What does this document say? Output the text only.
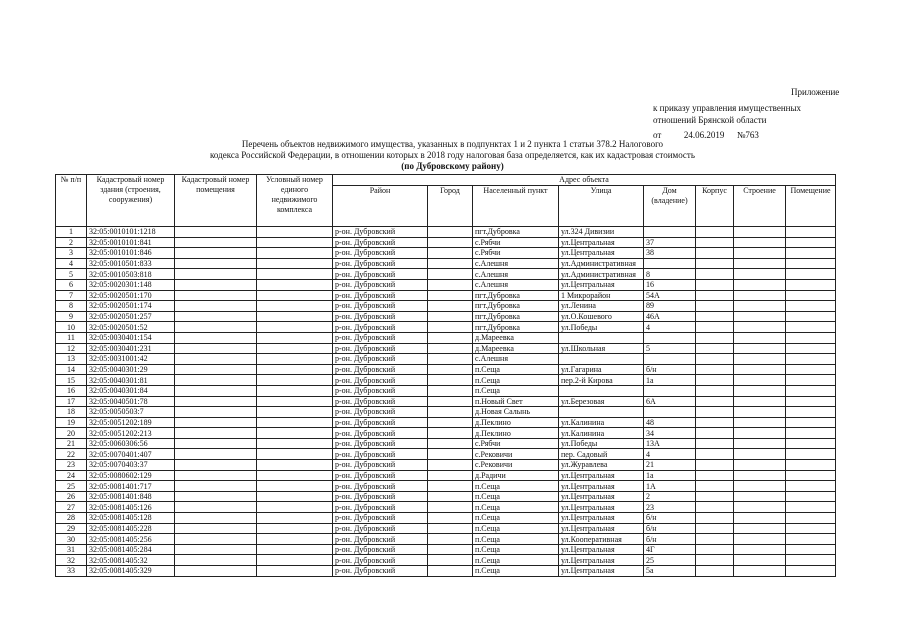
Приложение
к приказу управления имущественных
отношений Брянской области
от	24.06.2019 №763
Перечень объектов недвижимого имущества, указанных в подпунктах 1 и 2 пункта 1 статьи 378.2 Налогового
кодекса Российской Федерации, в отношении которых в 2018 году налоговая база определяется, как их кадастровая стоимость
(по Дубровскому району)
№ п/п	Кадастровый номер здания (строения, сооружения)	Кадастровый номер помещения	Условный номер единого недвижимого комплекса	Адрес объекта							
				Район	Город	Населенный пункт	Улица	Дом (владение)	Корпус	Строение	Помещение
1	32:05:0010101:1218			р-он. Дубровский		пгт.Дубровка	ул.324 Дивизии				
2	32:05:0010101:841			р-он. Дубровский		с.Рябчи	ул.Центральная	37			
3	32:05:0010101:846			р-он. Дубровский		с.Рябчи	ул.Центральная	38			
4	32:05:0010501:833			р-он. Дубровский		с.Алешня	ул.Административная				
5	32:05:0010503:818			р-он. Дубровский		с.Алешня	ул.Административная	8			
6	32:05:0020301:148			р-он. Дубровский		с.Алешня	ул.Центральная	16			
7	32:05:0020501:170			р-он. Дубровский		пгт.Дубровка	1 Микрорайон	54А			
8	32:05:0020501:174			р-он. Дубровский		пгт.Дубровка	ул.Ленина	89			
9	32:05:0020501:257			р-он. Дубровский		пгт.Дубровка	ул.О.Кошевого	46А			
10	32:05:0020501:52			р-он. Дубровский		пгт.Дубровка	ул.Победы	4			
11	32:05:0030401:154			р-он. Дубровский		д.Мареевка					
12	32:05:0030401:231			р-он. Дубровский		д.Мареевка	ул.Школьная	5			
13	32:05:0031001:42			р-он. Дубровский		с.Алешня					
14	32:05:0040301:29			р-он. Дубровский		п.Сеща	ул.Гагарина	б/н			
15	32:05:0040301:81			р-он. Дубровский		п.Сеща	пер.2-й Кирова	1а			
16	32:05:0040301:84			р-он. Дубровский		п.Сеща					
17	32:05:0040501:78			р-он. Дубровский		п.Новый Свет	ул.Березовая	6А			
18	32:05:0050503:7			р-он. Дубровский		д.Новая Салынь					
19	32:05:0051202:189			р-он. Дубровский		д.Пеклино	ул.Калинина	48			
20	32:05:0051202:213			р-он. Дубровский		д.Пеклино	ул.Калинина	34			
21	32:05:0060306:56			р-он. Дубровский		с.Рябчи	ул.Победы	13А			
22	32:05:0070401:407			р-он. Дубровский		с.Рековичи	пер. Садовый	4			
23	32:05:0070403:37			р-он. Дубровский		с.Рековичи	ул.Журавлева	21			
24	32:05:0080602:129			р-он. Дубровский		д.Радичи	ул.Центральная	1а			
25	32:05:0081401:717			р-он. Дубровский		п.Сеща	ул.Центральная	1А			
26	32:05:0081401:848			р-он. Дубровский		п.Сеща	ул.Центральная	2			
27	32:05:0081405:126			р-он. Дубровский		п.Сеща	ул.Центральная	23			
28	32:05:0081405:128			р-он. Дубровский		п.Сеща	ул.Центральная	б/н			
29	32:05:0081405:228			р-он. Дубровский		п.Сеща	ул.Центральная	б/н			
30	32:05:0081405:256			р-он. Дубровский		п.Сеща	ул.Кооперативная	б/н			
31	32:05:0081405:284			р-он. Дубровский		п.Сеща	ул.Центральная	4Г			
32	32:05:0081405:32			р-он. Дубровский		п.Сеща	ул.Центральная	25			
33	32:05:0081405:329			р-он. Дубровский		п.Сеща	ул.Центральная	5а			
